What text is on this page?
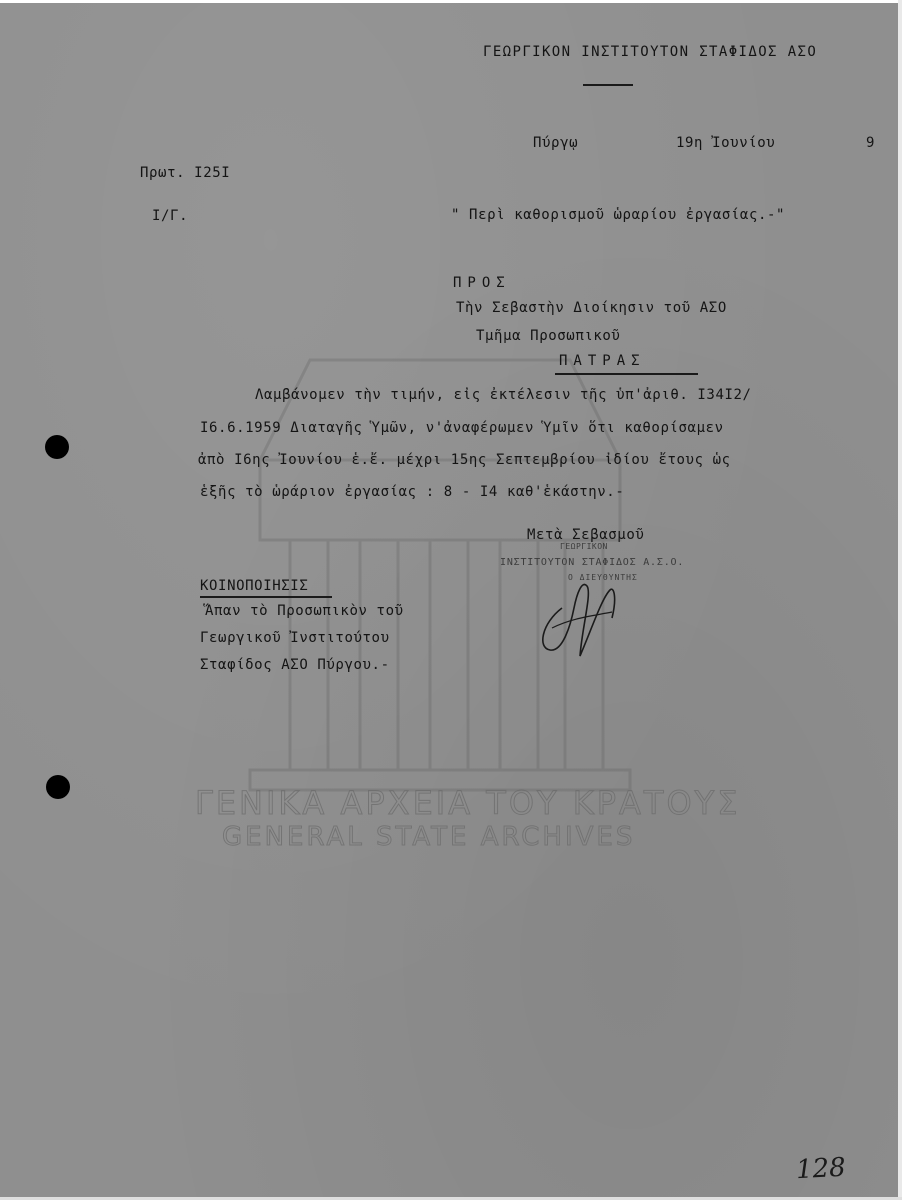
ΓΕΝΙΚΑ ΑΡΧΕΙΑ ΤΟΥ ΚΡΑΤΟΥΣ
GENERAL STATE ARCHIVES
ΓΕΩΡΓΙΚΟΝ ΙΝΣΤΙΤΟΥΤΟΝ ΣΤΑΦΙΔΟΣ ΑΣΟ
Πύργῳ	19η Ἰουνίου	9
Πρωτ. Ι25Ι
Ι/Γ.	" Περὶ καθορισμοῦ ὡραρίου ἐργασίας.-"
ΠΡΟΣ
Τὴν Σεβαστὴν Διοίκησιν τοῦ ΑΣΟ
Τμῆμα Προσωπικοῦ
ΠΑΤΡΑΣ
Λαμβάνομεν τὴν τιμήν, εἰς ἐκτέλεσιν τῆς ὑπ'ἀριθ. Ι34Ι2/
Ι6.6.1959 Διαταγῆς Ὑμῶν, ν'ἀναφέρωμεν Ὑμῖν ὅτι καθορίσαμεν
ἀπὸ Ι6ης Ἰουνίου ἑ.ἔ. μέχρι 15ης Σεπτεμβρίου ἰδίου ἔτους ὡς
ἑξῆς τὸ ὡράριον ἐργασίας : 8 - Ι4 καθ'ἑκάστην.-
Μετὰ Σεβασμοῦ
ΓΕΩΡΓΙΚΟΝ
ΙΝΣΤΙΤΟΥΤΟΝ ΣΤΑΦΙΔΟΣ Α.Σ.Ο.
Ο ΔΙΕΥΘΥΝΤΗΣ
ΚΟΙΝΟΠΟΙΗΣΙΣ
Ἅπαν τὸ Προσωπικὸν τοῦ
Γεωργικοῦ Ἰνστιτούτου
Σταφίδος ΑΣΟ Πύργου.-
128
